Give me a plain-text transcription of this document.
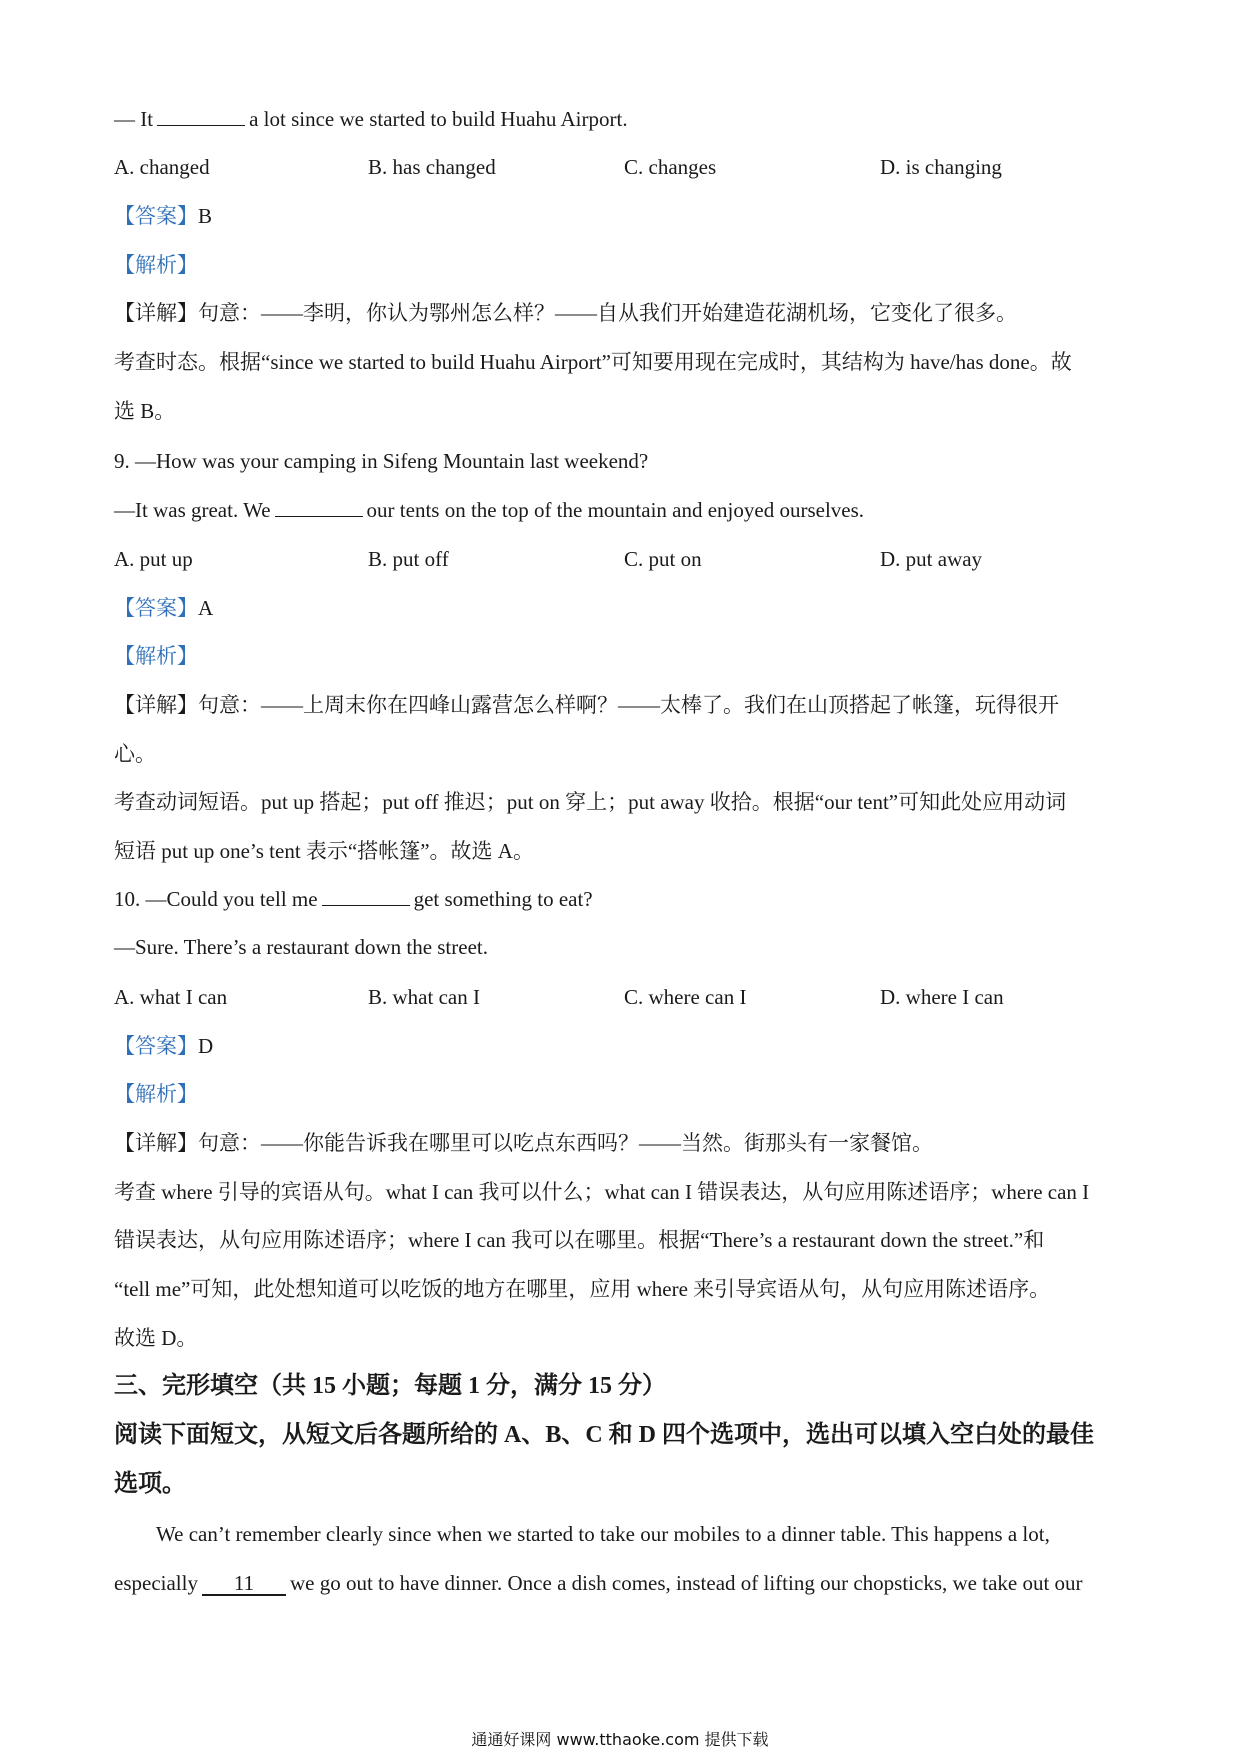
— It	a lot since we started to build Huahu Airport.
A. changed	B. has changed	C. changes	D. is changing
【答案】B
【解析】
【详解】句意：——李明，你认为鄂州怎么样？——自从我们开始建造花湖机场，它变化了很多。
考查时态。根据“since we started to build Huahu Airport”可知要用现在完成时，其结构为 have/has done。故
选 B。
9. —How was your camping in Sifeng Mountain last weekend?
—It was great. We	our tents on the top of the mountain and enjoyed ourselves.
A. put up	B. put off	C. put on	D. put away
【答案】A
【解析】
【详解】句意：——上周末你在四峰山露营怎么样啊？——太棒了。我们在山顶搭起了帐篷，玩得很开
心。
考查动词短语。put up 搭起；put off 推迟；put on 穿上；put away 收拾。根据“our tent”可知此处应用动词
短语 put up one’s tent 表示“搭帐篷”。故选 A。
10. —Could you tell me	get something to eat?
—Sure. There’s a restaurant down the street.
A. what I can	B. what can I	C. where can I	D. where I can
【答案】D
【解析】
【详解】句意：——你能告诉我在哪里可以吃点东西吗？——当然。街那头有一家餐馆。
考查 where 引导的宾语从句。what I can 我可以什么；what can I 错误表达，从句应用陈述语序；where can I
错误表达，从句应用陈述语序；where I can 我可以在哪里。根据“There’s a restaurant down the street.”和
“tell me”可知，此处想知道可以吃饭的地方在哪里，应用 where 来引导宾语从句，从句应用陈述语序。
故选 D。
三、完形填空（共 15 小题；每题 1 分，满分 15 分）
阅读下面短文，从短文后各题所给的 A、B、C 和 D 四个选项中，选出可以填入空白处的最佳
选项。
We can’t remember clearly since when we started to take our mobiles to a dinner table. This happens a lot,
especially 11 we go out to have dinner. Once a dish comes, instead of lifting our chopsticks, we take out our
通通好课网 www.tthaoke.com 提供下载
